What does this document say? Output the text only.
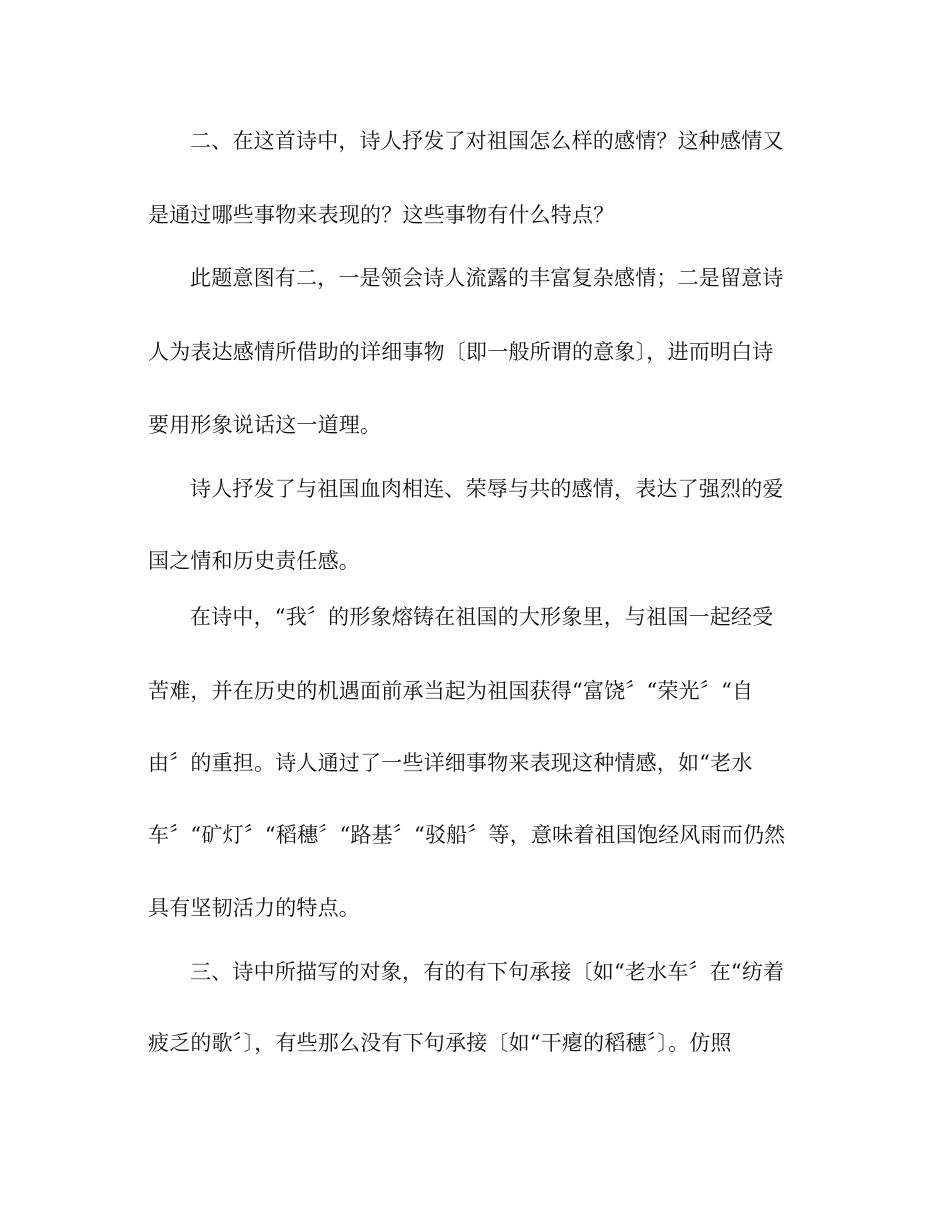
二、在这首诗中，诗人抒发了对祖国怎么样的感情？这种感情又
是通过哪些事物来表现的？这些事物有什么特点？
此题意图有二，一是领会诗人流露的丰富复杂感情；二是留意诗
人为表达感情所借助的详细事物〔即一般所谓的意象〕，进而明白诗
要用形象说话这一道理。
诗人抒发了与祖国血肉相连、荣辱与共的感情，表达了强烈的爱
国之情和历史责任感。
在诗中，“我〞的形象熔铸在祖国的大形象里，与祖国一起经受
苦难，并在历史的机遇面前承当起为祖国获得“富饶〞“荣光〞“自
由〞的重担。诗人通过了一些详细事物来表现这种情感，如“老水
车〞“矿灯〞“稻穗〞“路基〞“驳船〞等，意味着祖国饱经风雨而仍然
具有坚韧活力的特点。
三、诗中所描写的对象，有的有下句承接〔如“老水车〞在“纺着
疲乏的歌〞〕，有些那么没有下句承接〔如“干瘪的稻穗〞〕。仿照
